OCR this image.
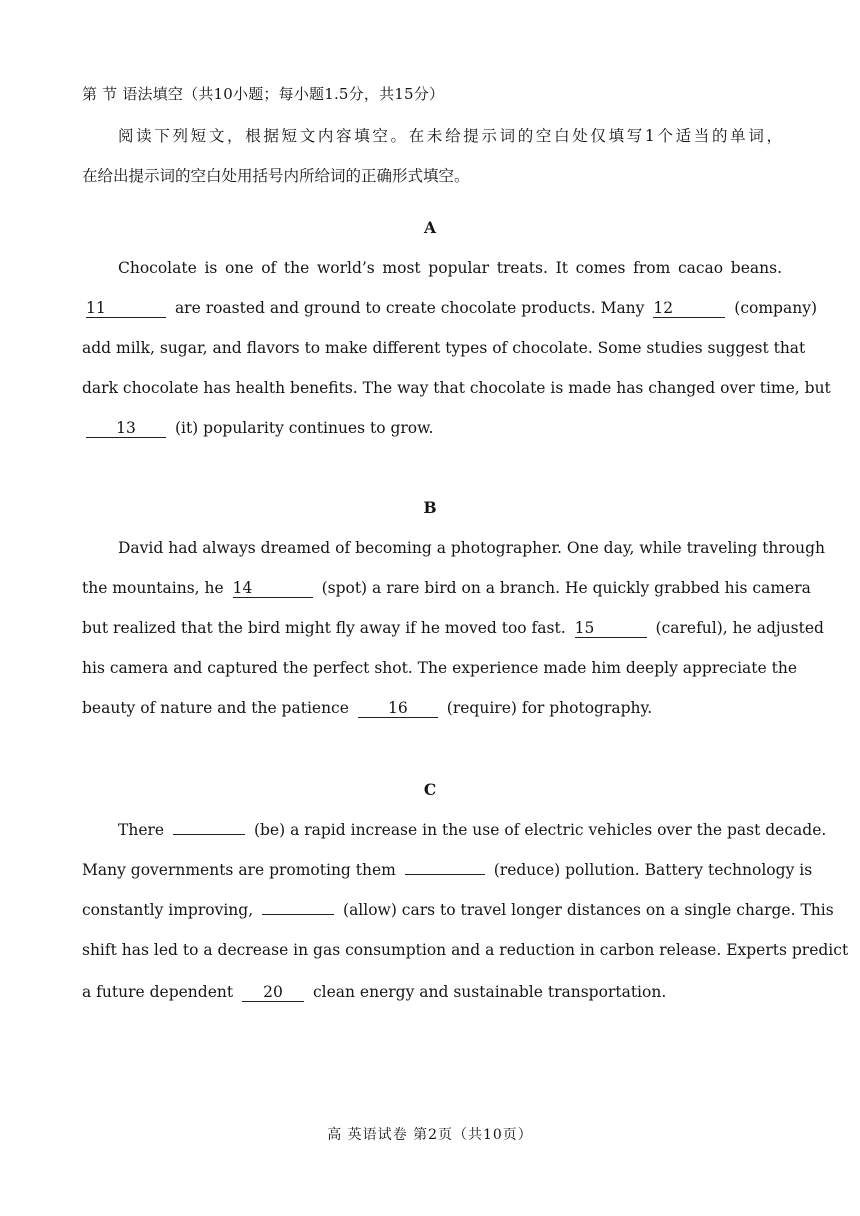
第 节 语法填空（共10小题；每小题1.5分，共15分）
阅读下列短文，根据短文内容填空。在未给提示词的空白处仅填写1个适当的单词，
在给出提示词的空白处用括号内所给词的正确形式填空。
A
Chocolate is one of the world’s most popular treats. It comes from cacao beans.
11	are roasted and ground to create chocolate products. Many 12	(company)
add milk, sugar, and flavors to make different types of chocolate. Some studies suggest that
dark chocolate has health benefits. The way that chocolate is made has changed over time, but
13	(it) popularity continues to grow.
B
David had always dreamed of becoming a photographer. One day, while traveling through
the mountains, he 14	(spot) a rare bird on a branch. He quickly grabbed his camera
but realized that the bird might fly away if he moved too fast. 15	(careful), he adjusted
his camera and captured the perfect shot. The experience made him deeply appreciate the
beauty of nature and the patience	16	(require) for photography.
C
There	(be) a rapid increase in the use of electric vehicles over the past decade.
Many governments are promoting them	(reduce) pollution. Battery technology is
constantly improving,	(allow) cars to travel longer distances on a single charge. This
shift has led to a decrease in gas consumption and a reduction in carbon release. Experts predict
a future dependent 20 clean energy and sustainable transportation.
高 英语试卷 第2页（共10页）
